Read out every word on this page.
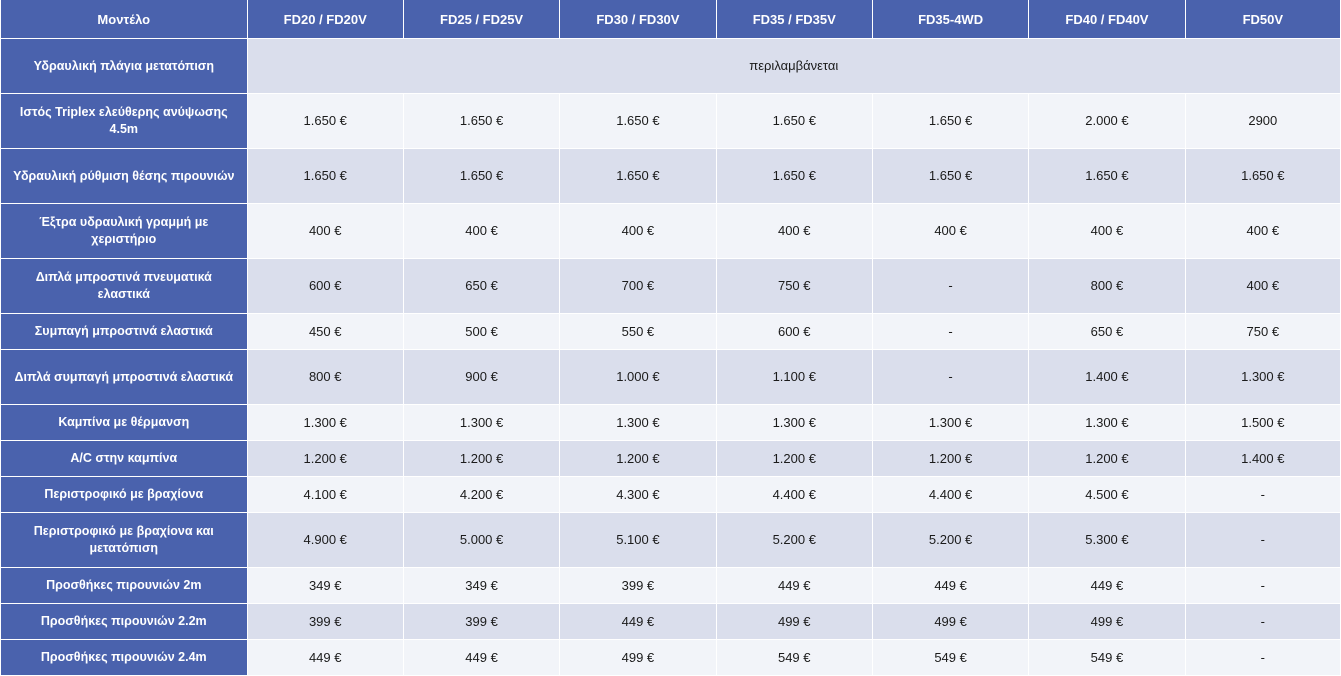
Μοντέλο	FD20 / FD20V	FD25 / FD25V	FD30 / FD30V	FD35 / FD35V	FD35-4WD	FD40 / FD40V	FD50V
Υδραυλική πλάγια μετατόπιση	περιλαμβάνεται						
Ιστός Triplex ελεύθερης ανύψωσης 4.5m	1.650 €	1.650 €	1.650 €	1.650 €	1.650 €	2.000 €	2900
Υδραυλική ρύθμιση θέσης πιρουνιών	1.650 €	1.650 €	1.650 €	1.650 €	1.650 €	1.650 €	1.650 €
Έξτρα υδραυλική γραμμή με χεριστήριο	400 €	400 €	400 €	400 €	400 €	400 €	400 €
Διπλά μπροστινά πνευματικά ελαστικά	600 €	650 €	700 €	750 €	-	800 €	400 €
Συμπαγή μπροστινά ελαστικά	450 €	500 €	550 €	600 €	-	650 €	750 €
Διπλά συμπαγή μπροστινά ελαστικά	800 €	900 €	1.000 €	1.100 €	-	1.400 €	1.300 €
Καμπίνα με θέρμανση	1.300 €	1.300 €	1.300 €	1.300 €	1.300 €	1.300 €	1.500 €
A/C στην καμπίνα	1.200 €	1.200 €	1.200 €	1.200 €	1.200 €	1.200 €	1.400 €
Περιστροφικό με βραχίονα	4.100 €	4.200 €	4.300 €	4.400 €	4.400 €	4.500 €	-
Περιστροφικό με βραχίονα και μετατόπιση	4.900 €	5.000 €	5.100 €	5.200 €	5.200 €	5.300 €	-
Προσθήκες πιρουνιών 2m	349 €	349 €	399 €	449 €	449 €	449 €	-
Προσθήκες πιρουνιών 2.2m	399 €	399 €	449 €	499 €	499 €	499 €	-
Προσθήκες πιρουνιών 2.4m	449 €	449 €	499 €	549 €	549 €	549 €	-
